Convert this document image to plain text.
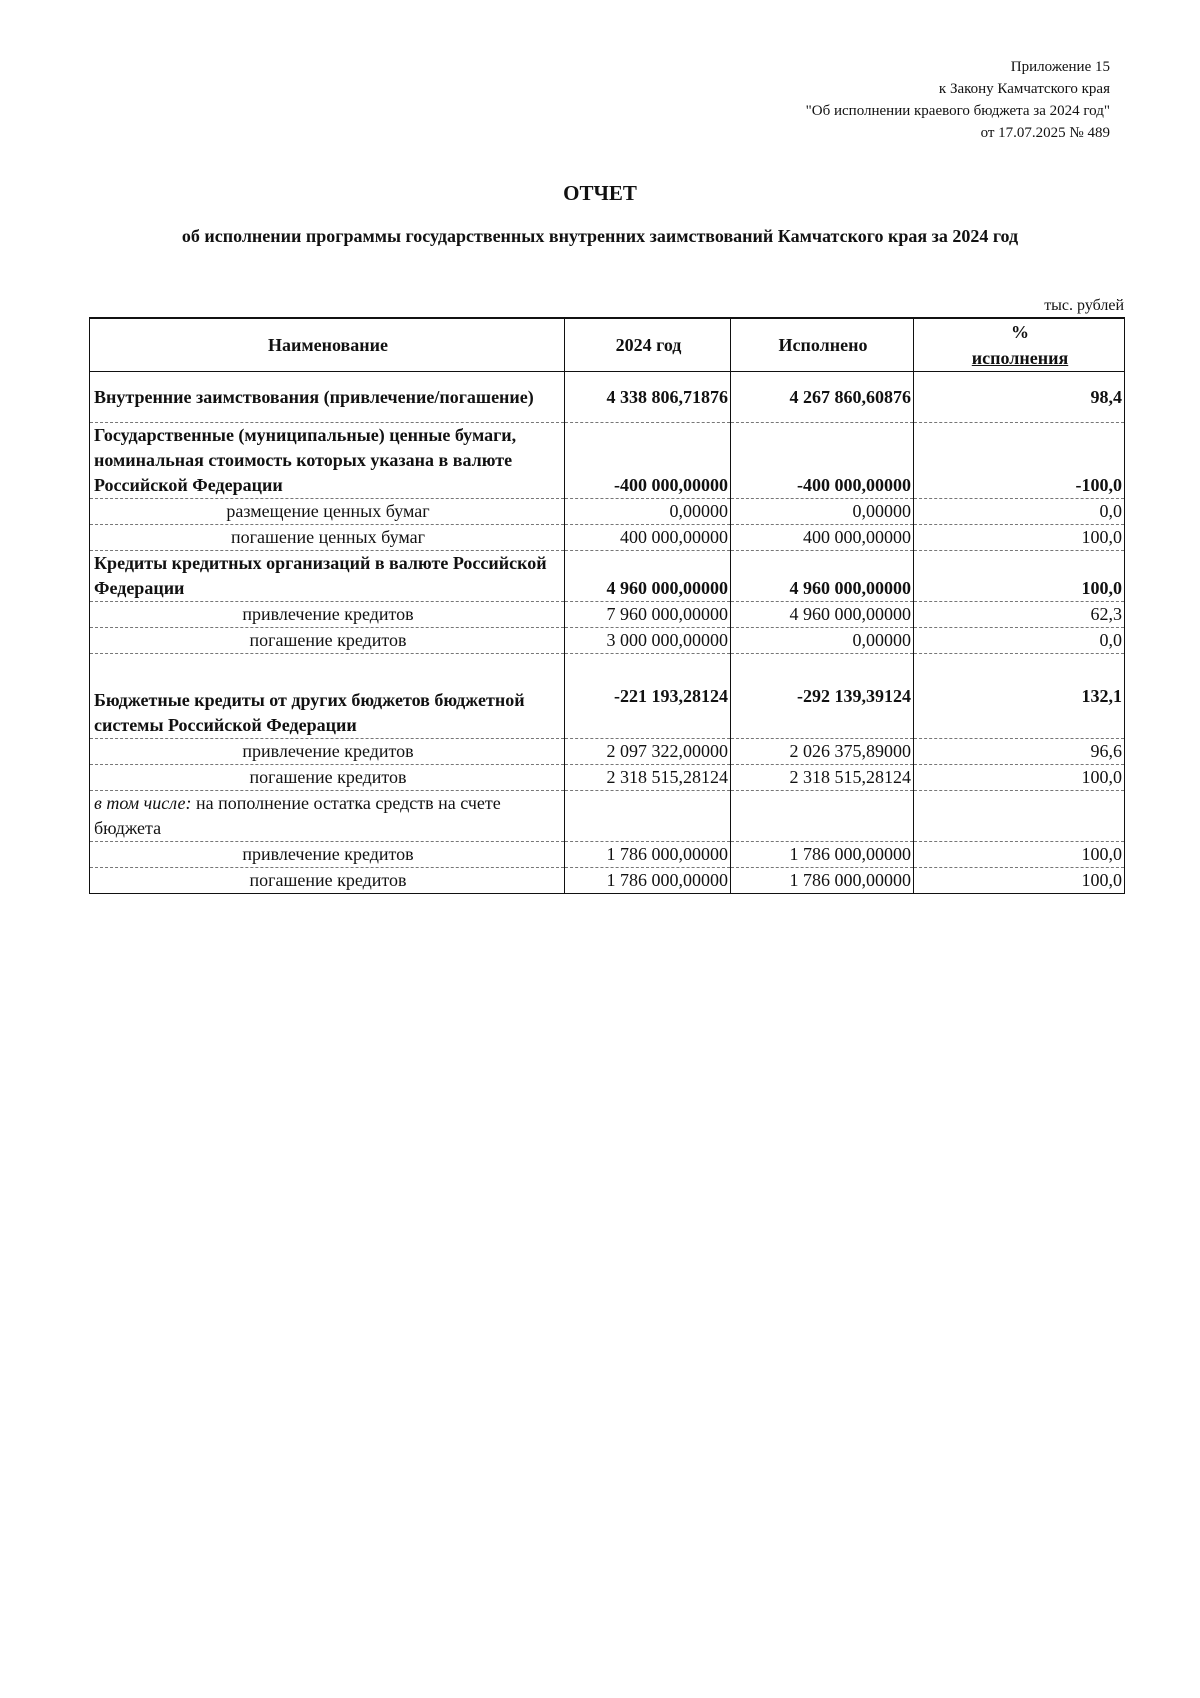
Приложение 15
к Закону Камчатского края
"Об исполнении краевого бюджета за 2024 год"
от 17.07.2025 № 489
ОТЧЕТ
об исполнении программы государственных внутренних заимствований Камчатского края за 2024 год
тыс. рублей
Наименование	2024 год	Исполнено	%
исполнения

Внутренние заимствования (привлечение/погашение)	4 338 806,71876	4 267 860,60876	98,4
Государственные (муниципальные) ценные бумаги, номинальная стоимость которых указана в валюте Российской Федерации	-400 000,00000	-400 000,00000	-100,0
размещение ценных бумаг	0,00000	0,00000	0,0
погашение ценных бумаг	400 000,00000	400 000,00000	100,0
Кредиты кредитных организаций в валюте Российской Федерации	4 960 000,00000	4 960 000,00000	100,0
привлечение кредитов	7 960 000,00000	4 960 000,00000	62,3
погашение кредитов	3 000 000,00000	0,00000	0,0
Бюджетные кредиты от других бюджетов бюджетной системы Российской Федерации	-221 193,28124	-292 139,39124	132,1
привлечение кредитов	2 097 322,00000	2 026 375,89000	96,6
погашение кредитов	2 318 515,28124	2 318 515,28124	100,0
в том числе: на пополнение остатка средств на счете бюджета			
привлечение кредитов	1 786 000,00000	1 786 000,00000	100,0
погашение кредитов	1 786 000,00000	1 786 000,00000	100,0
